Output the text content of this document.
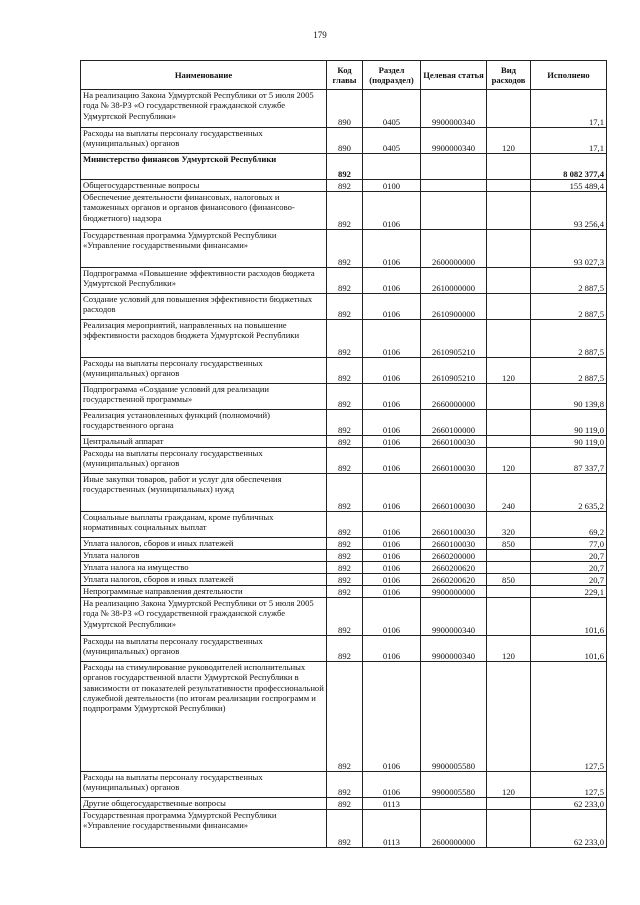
179
Наименование	Код главы	Раздел (подраздел)	Целевая статья	Вид расходов	Исполнено
На реализацию Закона Удмуртской Республики от 5 июля 2005 года № 38-РЗ «О государственной гражданской службе Удмуртской Республики»	890	0405	9900000340		17,1
Расходы на выплаты персоналу государственных (муниципальных) органов	890	0405	9900000340	120	17,1
Министерство финансов Удмуртской Республики	892				8 082 377,4
Общегосударственные вопросы	892	0100			155 489,4
Обеспечение деятельности финансовых, налоговых и таможенных органов и органов финансового (финансово-бюджетного) надзора	892	0106			93 256,4
Государственная программа Удмуртской Республики «Управление государственными финансами»	892	0106	2600000000		93 027,3
Подпрограмма «Повышение эффективности расходов бюджета Удмуртской Республики»	892	0106	2610000000		2 887,5
Создание условий для повышения эффективности бюджетных расходов	892	0106	2610900000		2 887,5
Реализация мероприятий, направленных на повышение эффективности расходов бюджета Удмуртской Республики	892	0106	2610905210		2 887,5
Расходы на выплаты персоналу государственных (муниципальных) органов	892	0106	2610905210	120	2 887,5
Подпрограмма «Создание условий для реализации государственной программы»	892	0106	2660000000		90 139,8
Реализация установленных функций (полномочий) государственного органа	892	0106	2660100000		90 119,0
Центральный аппарат	892	0106	2660100030		90 119,0
Расходы на выплаты персоналу государственных (муниципальных) органов	892	0106	2660100030	120	87 337,7
Иные закупки товаров, работ и услуг для обеспечения государственных (муниципальных) нужд	892	0106	2660100030	240	2 635,2
Социальные выплаты гражданам, кроме публичных нормативных социальных выплат	892	0106	2660100030	320	69,2
Уплата налогов, сборов и иных платежей	892	0106	2660100030	850	77,0
Уплата налогов	892	0106	2660200000		20,7
Уплата налога на имущество	892	0106	2660200620		20,7
Уплата налогов, сборов и иных платежей	892	0106	2660200620	850	20,7
Непрограммные направления деятельности	892	0106	9900000000		229,1
На реализацию Закона Удмуртской Республики от 5 июля 2005 года № 38-РЗ «О государственной гражданской службе Удмуртской Республики»	892	0106	9900000340		101,6
Расходы на выплаты персоналу государственных (муниципальных) органов	892	0106	9900000340	120	101,6
Расходы на стимулирование руководителей исполнительных органов государственной власти Удмуртской Республики в зависимости от показателей результативности профессиональной служебной деятельности (по итогам реализации госпрограмм и подпрограмм Удмуртской Республики)	892	0106	9900005580		127,5
Расходы на выплаты персоналу государственных (муниципальных) органов	892	0106	9900005580	120	127,5
Другие общегосударственные вопросы	892	0113			62 233,0
Государственная программа Удмуртской Республики «Управление государственными финансами»	892	0113	2600000000		62 233,0
